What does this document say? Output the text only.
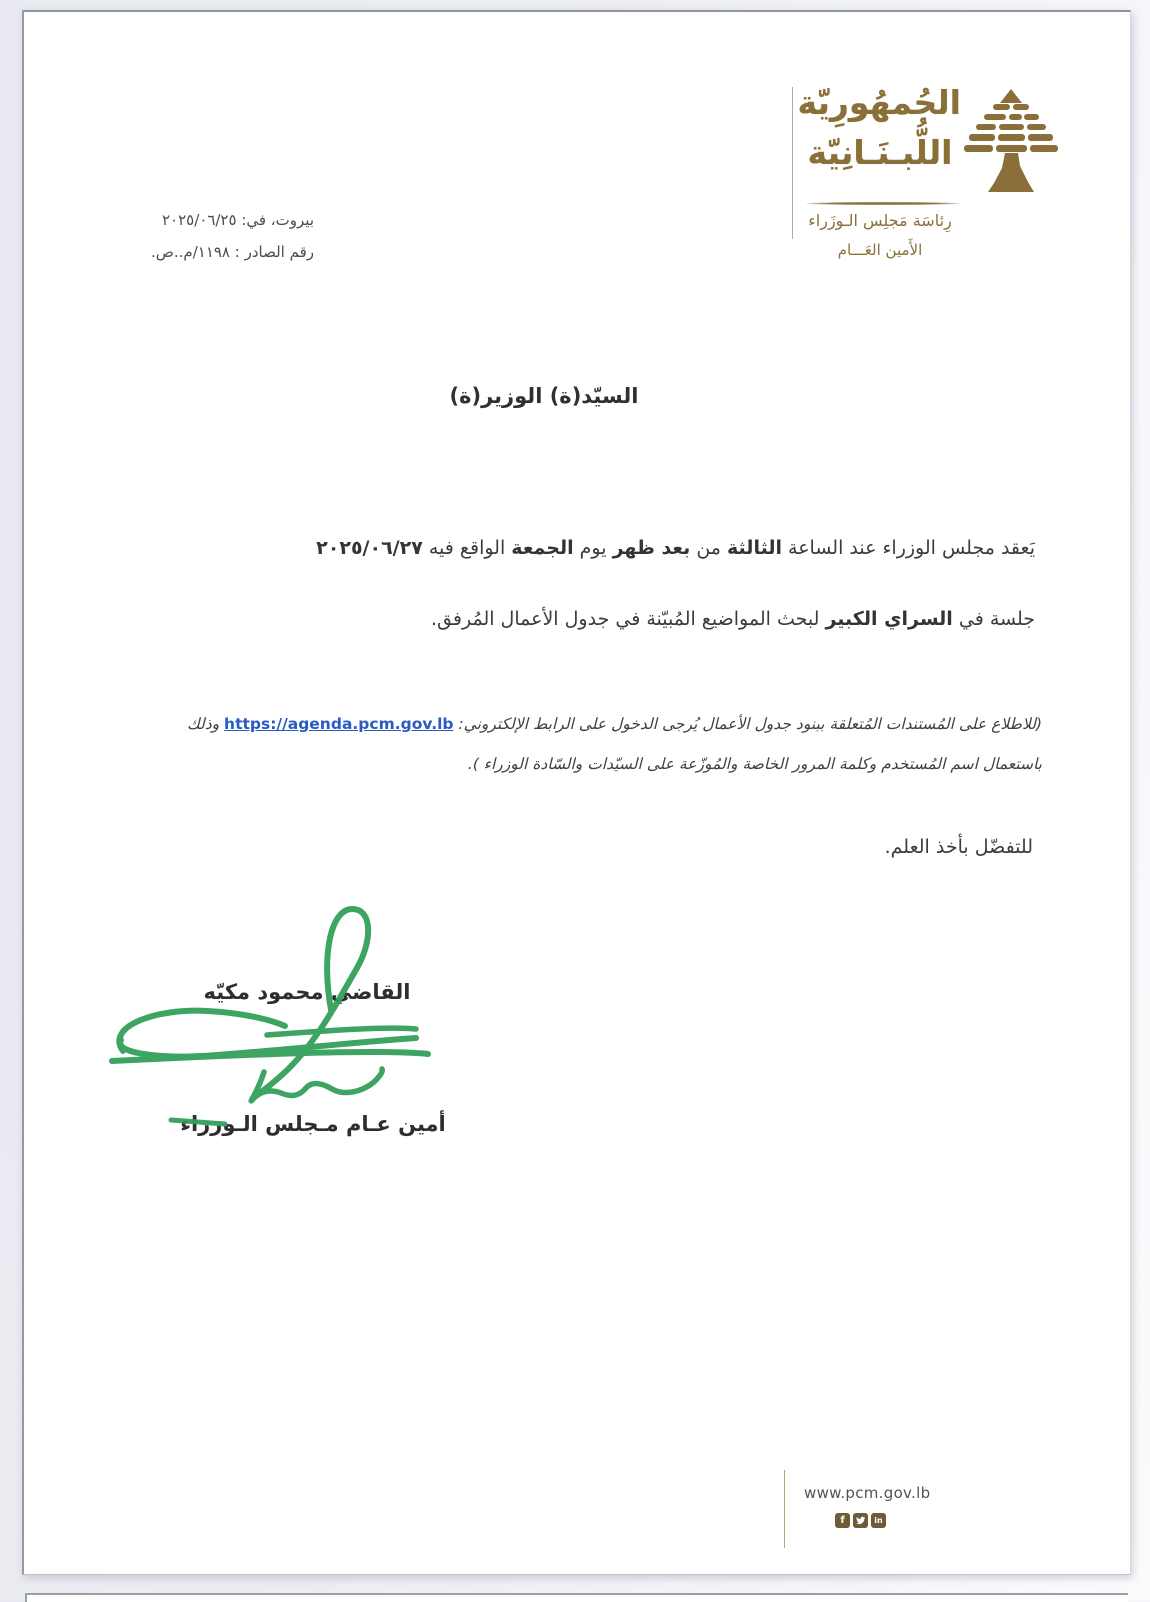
الجُمهُورِيّة
اللُّبـنَـانِيّة
رِئاسَة مَجلِس الـوزَراء
الأَمين العَـــام
بيروت، في: ٢٠٢٥/٠٦/٢٥
رقم الصادر : ١١٩٨/م..ص.
السيّد(ة) الوزير(ة)
يَعقد مجلس الوزراء عند الساعة الثالثة من بعد ظهر يوم الجمعة الواقع فيه ٢٠٢٥/٠٦/٢٧
جلسة في السراي الكبير لبحث المواضيع المُبيّنة في جدول الأعمال المُرفق.
(للاطلاع على المُستندات المُتعلقة ببنود جدول الأعمال يُرجى الدخول على الرابط الإلكتروني: https://agenda.pcm.gov.lb وذلك
باستعمال اسم المُستخدم وكلمة المرور الخاصة والمُوزّعة على السيّدات والسّادة الوزراء ).
للتفضّل بأخذ العلم.
القاضي محمود مكيّه
أمين عـام مـجلس الـوزراء
www.pcm.gov.lb
f	in
